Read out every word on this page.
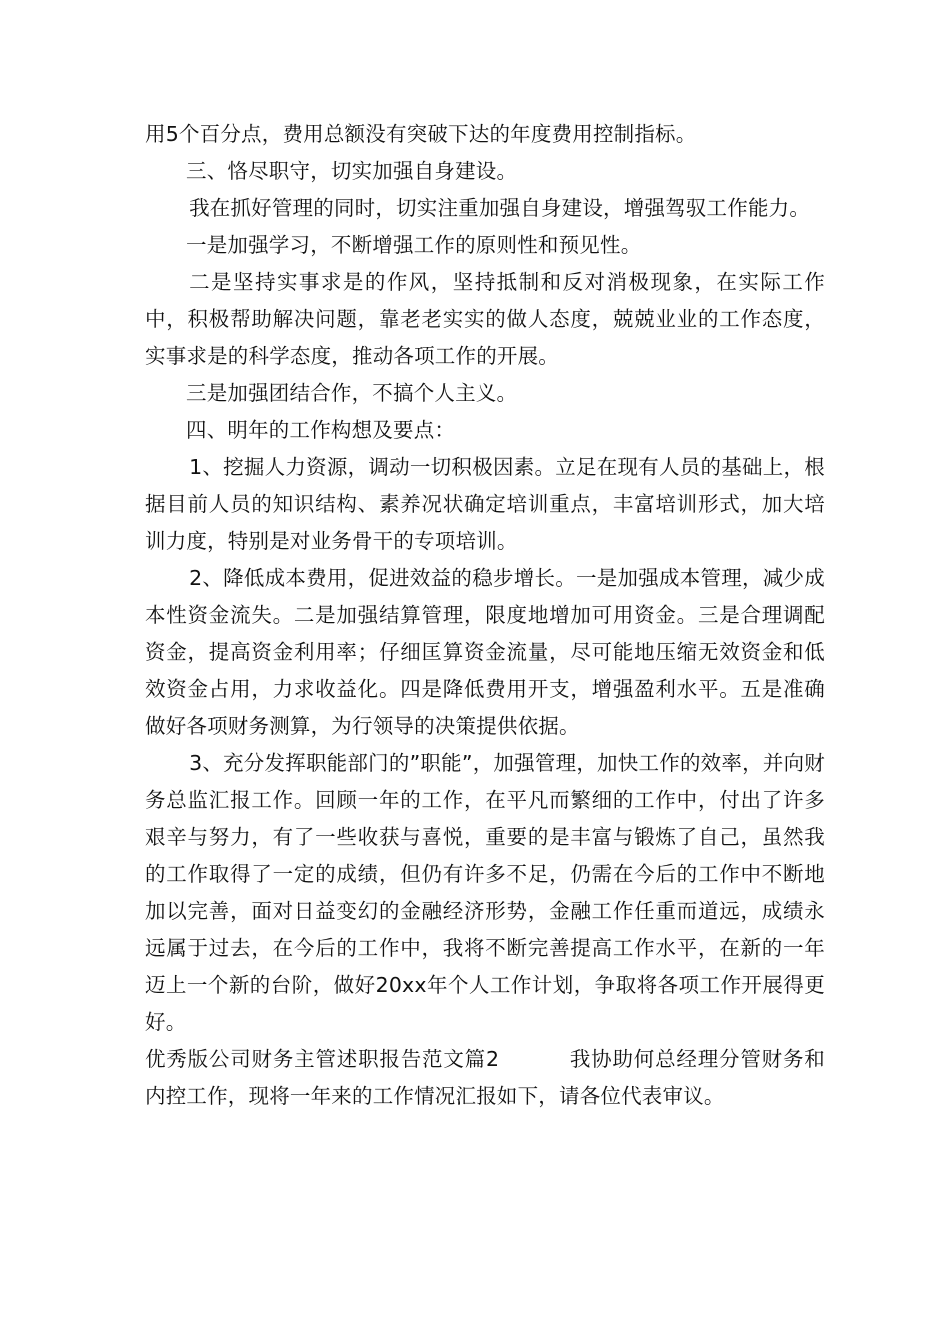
用5个百分点，费用总额没有突破下达的年度费用控制指标。

三、恪尽职守，切实加强自身建设。

我在抓好管理的同时，切实注重加强自身建设，增强驾驭工作能力。

一是加强学习，不断增强工作的原则性和预见性。

二是坚持实事求是的作风，坚持抵制和反对消极现象，在实际工作中，积极帮助解决问题，靠老老实实的做人态度，兢兢业业的工作态度，实事求是的科学态度，推动各项工作的开展。

三是加强团结合作，不搞个人主义。

四、明年的工作构想及要点：

1、挖掘人力资源，调动一切积极因素。立足在现有人员的基础上，根据目前人员的知识结构、素养况状确定培训重点，丰富培训形式，加大培训力度，特别是对业务骨干的专项培训。

2、降低成本费用，促进效益的稳步增长。一是加强成本管理，减少成本性资金流失。二是加强结算管理，限度地增加可用资金。三是合理调配资金，提高资金利用率；仔细匡算资金流量，尽可能地压缩无效资金和低效资金占用，力求收益化。四是降低费用开支，增强盈利水平。五是准确做好各项财务测算，为行领导的决策提供依据。

3、充分发挥职能部门的”职能”，加强管理，加快工作的效率，并向财务总监汇报工作。回顾一年的工作，在平凡而繁细的工作中，付出了许多艰辛与努力，有了一些收获与喜悦，重要的是丰富与锻炼了自己，虽然我的工作取得了一定的成绩，但仍有许多不足，仍需在今后的工作中不断地加以完善，面对日益变幻的金融经济形势，金融工作任重而道远，成绩永远属于过去，在今后的工作中，我将不断完善提高工作水平，在新的一年迈上一个新的台阶，做好20xx年个人工作计划，争取将各项工作开展得更好。

优秀版公司财务主管述职报告范文篇2	我协助何总经理分管财务和内控工作，现将一年来的工作情况汇报如下，请各位代表审议。
